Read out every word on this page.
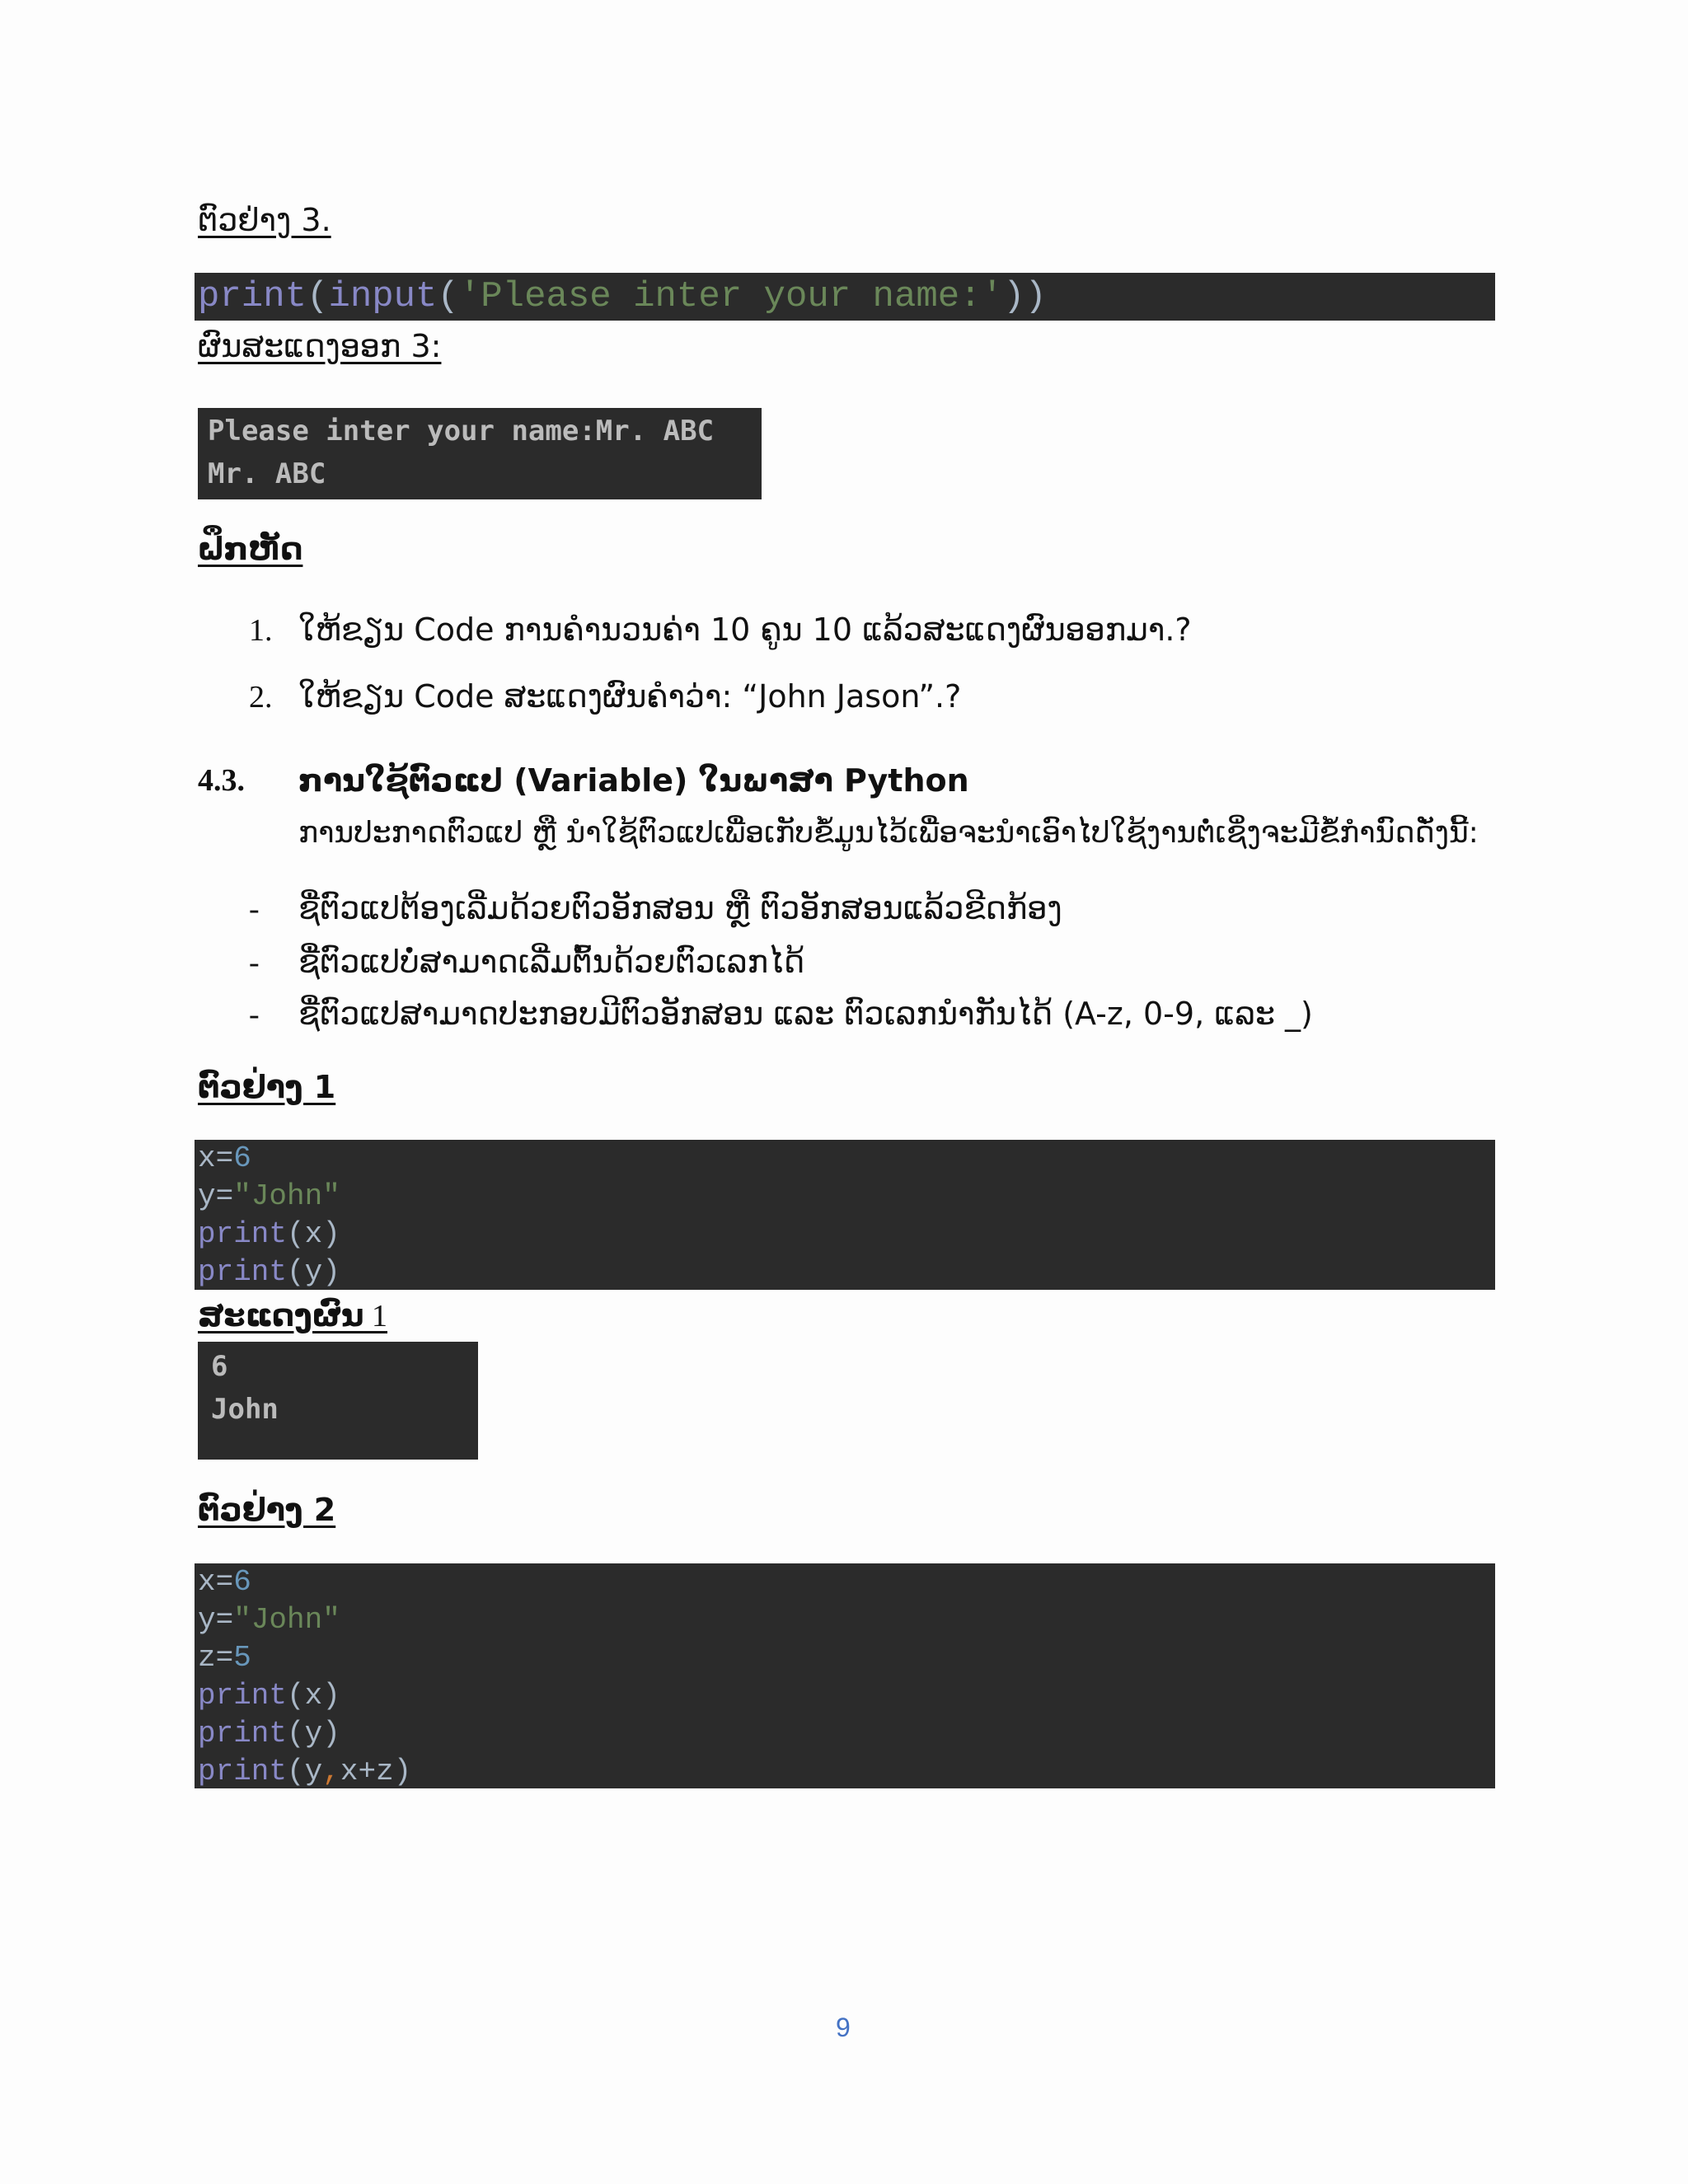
ຕົວຢ່າງ 3.

print(input('Please inter your name:'))

ຜົນສະແດງອອກ 3:

Please inter your name:Mr. ABC

Mr. ABC

ຝຶກຫັດ
1. ໃຫ້ຂຽນ Code ການຄຳນວນຄ່າ 10 ຄູນ 10 ແລ້ວສະແດງຜົນອອກມາ.?
2. ໃຫ້ຂຽນ Code ສະແດງຜົນຄຳວ່າ: “John Jason”.?
4.3. ການໃຊ້ຕົວແປ (Variable) ໃນພາສາ Python
ການປະກາດຕົວແປ ຫຼື ນຳໃຊ້ຕົວແປເພື່ອເກັບຂໍ້ມູນໄວ້ເພື່ອຈະນຳເອົາໄປໃຊ້ງານຕໍ່ເຊິ່ງຈະມີຂໍ້ກຳນົດດັ່ງນີ້:
- ຊື່ຕົວແປຕ້ອງເລີ່ມດ້ວຍຕົວອັກສອນ ຫຼື ຕົວອັກສອນແລ້ວຂີດກ້ອງ
- ຊື່ຕົວແປບໍ່ສາມາດເລີ່ມຕົ້ນດ້ວຍຕົວເລກໄດ້
- ຊື່ຕົວແປສາມາດປະກອບມີຕົວອັກສອນ ແລະ ຕົວເລກນຳກັນໄດ້ (A-z, 0-9, ແລະ _)
ຕົວຢ່າງ 1

x=6

y="John"

print(x)

print(y)

ສະແດງຜົນ 1

6

John

ຕົວຢ່າງ 2

x=6

y="John"

z=5

print(x)

print(y)

print(y,x+z)

9
